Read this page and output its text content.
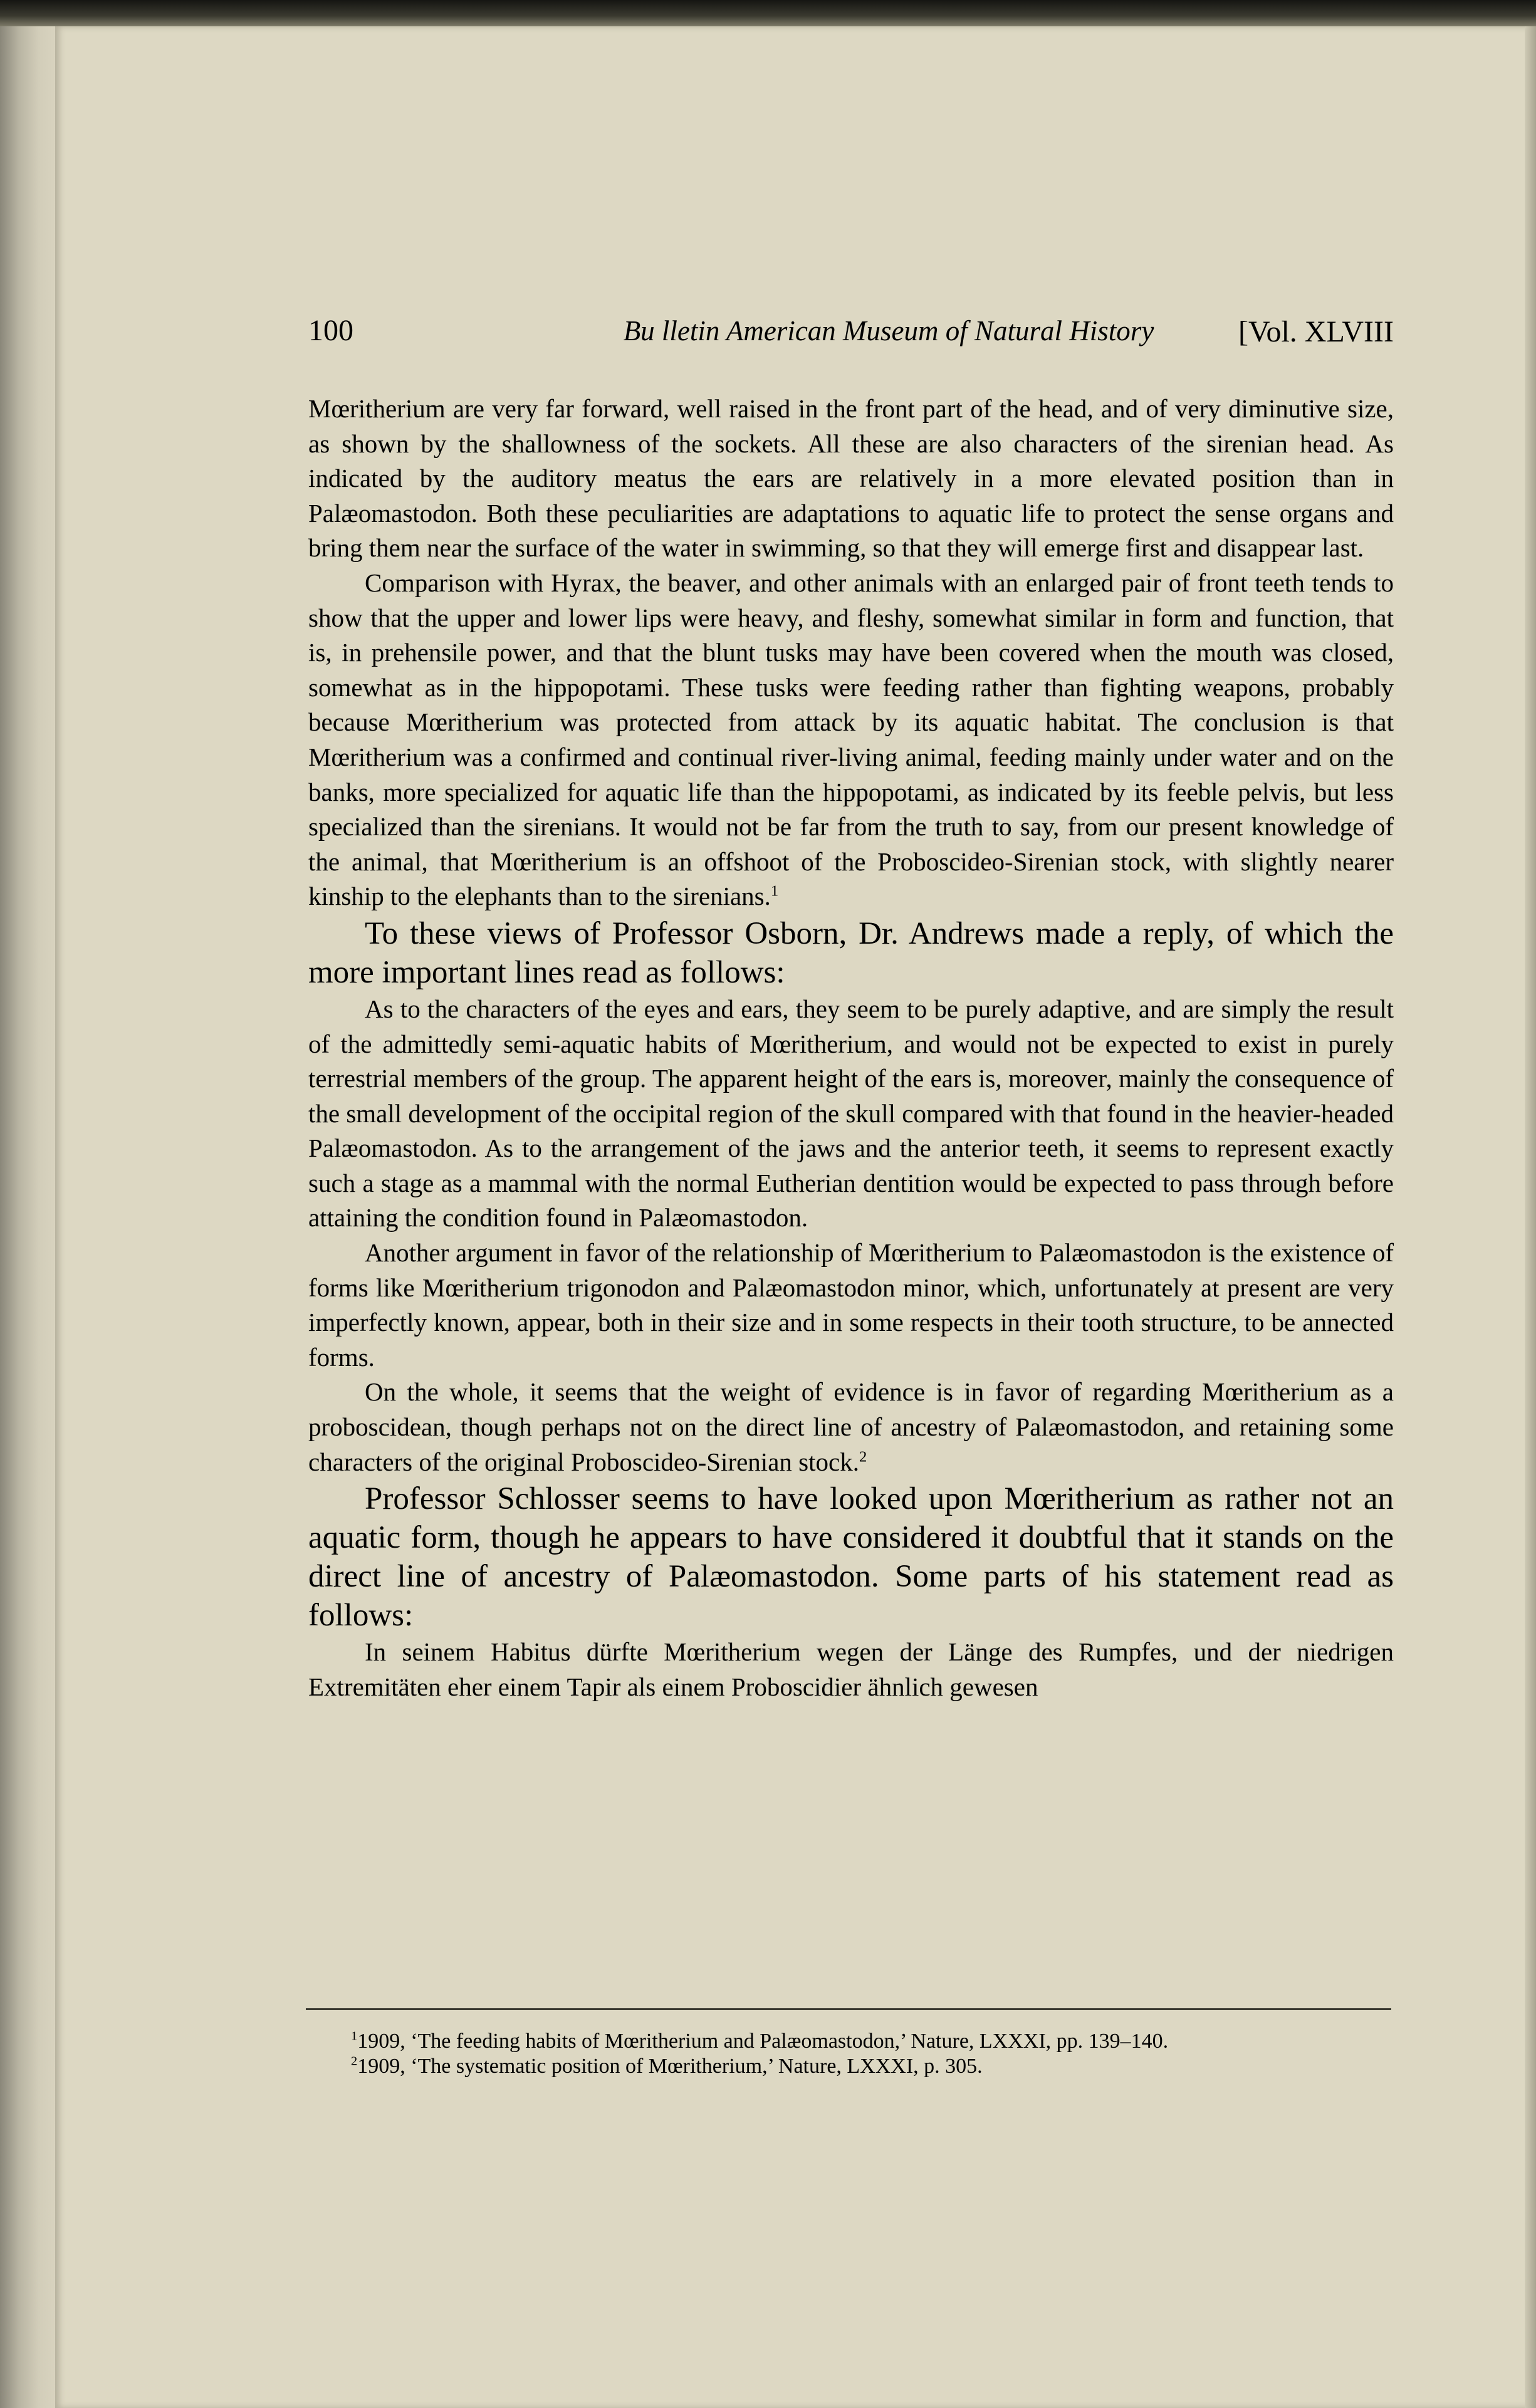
100	Bu lletin American Museum of Natural History	[Vol. XLVIII

Mœritherium are very far forward, well raised in the front part of the head, and of very diminutive size, as shown by the shallowness of the sockets. All these are also characters of the sirenian head. As indicated by the auditory meatus the ears are relatively in a more elevated position than in Palæomastodon. Both these peculiarities are adaptations to aquatic life to protect the sense organs and bring them near the surface of the water in swimming, so that they will emerge first and disappear last.

Comparison with Hyrax, the beaver, and other animals with an enlarged pair of front teeth tends to show that the upper and lower lips were heavy, and fleshy, somewhat similar in form and function, that is, in prehensile power, and that the blunt tusks may have been covered when the mouth was closed, somewhat as in the hippopotami. These tusks were feeding rather than fighting weapons, probably because Mœritherium was protected from attack by its aquatic habitat. The conclusion is that Mœritherium was a confirmed and continual river-living animal, feeding mainly under water and on the banks, more specialized for aquatic life than the hippopotami, as indicated by its feeble pelvis, but less specialized than the sirenians. It would not be far from the truth to say, from our present knowledge of the animal, that Mœritherium is an offshoot of the Proboscideo-Sirenian stock, with slightly nearer kinship to the elephants than to the sirenians.$^1$

To these views of Professor Osborn, Dr. Andrews made a reply, of which the more important lines read as follows:

As to the characters of the eyes and ears, they seem to be purely adaptive, and are simply the result of the admittedly semi-aquatic habits of Mœritherium, and would not be expected to exist in purely terrestrial members of the group. The apparent height of the ears is, moreover, mainly the consequence of the small development of the occipital region of the skull compared with that found in the heavier-headed Palæomastodon. As to the arrangement of the jaws and the anterior teeth, it seems to represent exactly such a stage as a mammal with the normal Eutherian dentition would be expected to pass through before attaining the condition found in Palæomastodon.

Another argument in favor of the relationship of Mœritherium to Palæomastodon is the existence of forms like Mœritherium trigonodon and Palæomastodon minor, which, unfortunately at present are very imperfectly known, appear, both in their size and in some respects in their tooth structure, to be annected forms.

On the whole, it seems that the weight of evidence is in favor of regarding Mœritherium as a proboscidean, though perhaps not on the direct line of ancestry of Palæomastodon, and retaining some characters of the original Proboscideo-Sirenian stock.$^2$

Professor Schlosser seems to have looked upon Mœritherium as rather not an aquatic form, though he appears to have considered it doubtful that it stands on the direct line of ancestry of Palæomastodon. Some parts of his statement read as follows:

In seinem Habitus dürfte Mœritherium wegen der Länge des Rumpfes, und der niedrigen Extremitäten eher einem Tapir als einem Proboscidier ähnlich gewesen

$^1$1909, ‘The feeding habits of Mœritherium and Palæomastodon,’ Nature, LXXXI, pp. 139–140.
$^2$1909, ‘The systematic position of Mœritherium,’ Nature, LXXXI, p. 305.
